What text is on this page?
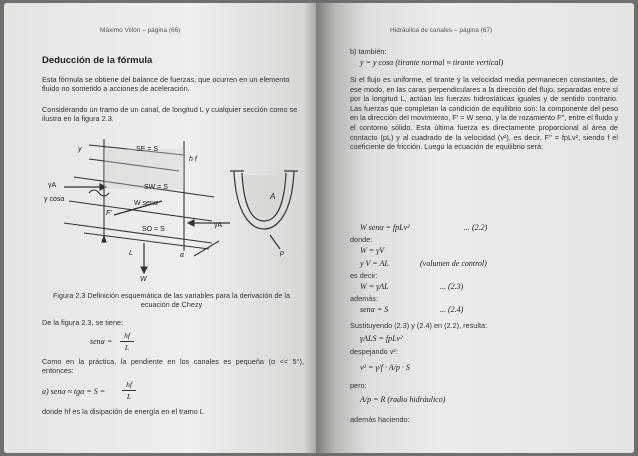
Máximo Villón – página (66)
Deducción de la fórmula
Esta fórmula se obtiene del balance de fuerzas, que ocurren en un elemento fluido no sometido a acciones de aceleración.
Considerando un tramo de un canal, de longitud L y cualquier sección como se ilustra en la figura 2.3.
SE = S
y
h f
SW = S
γA
y cosα
W senα
F'
SO = S
γA
L	α
W
A
p
Figura 2.3 Definición esquemática de las variables para la derivación de la ecuación de Chezy
De la figura 2.3, se tiene:
senα =
hf
L
Como en la práctica, la pendiente en los canales es pequeña (α << 5°), entonces:
a) senα ≈ tgα = S =
hf
L
donde hf es la disipación de energía en el tramo L
Hidráulica de canales – página (67)
b) también:
y = y cosα (tirante normal ≈ tirante vertical)
Si el flujo es uniforme, el tirante y la velocidad media permanecen constantes, de ese modo, en las caras perpendiculares a la dirección del flujo, separadas entre sí por la longitud L, actúan las fuerzas hidrostáticas iguales y de sentido contrario. Las fuerzas que completan la condición de equilibrio son: la componente del peso en la dirección del movimiento, F' = W senα, y la de rozamiento F'', entre el fluido y el contorno sólido. Esta última fuerza es directamente proporcional al área de contacto (pL) y al cuadrado de la velocidad (v²), es decir, F'' = fpLv², siendo f el coeficiente de fricción. Luego la ecuación de equilibrio será:
W senα = fpLv²	... (2.2)
donde:
W = γV
y V = AL	(volumen de control)
es decir:
W = γAL	... (2.3)
además:
senα = S	... (2.4)
Sustituyendo (2.3) y (2.4) en (2.2), resulta:
γALS = fpLv²
despejando v²:
v² = γ/f · A/p · S
pero:
A/p = R (radio hidráulico)
además haciendo:
